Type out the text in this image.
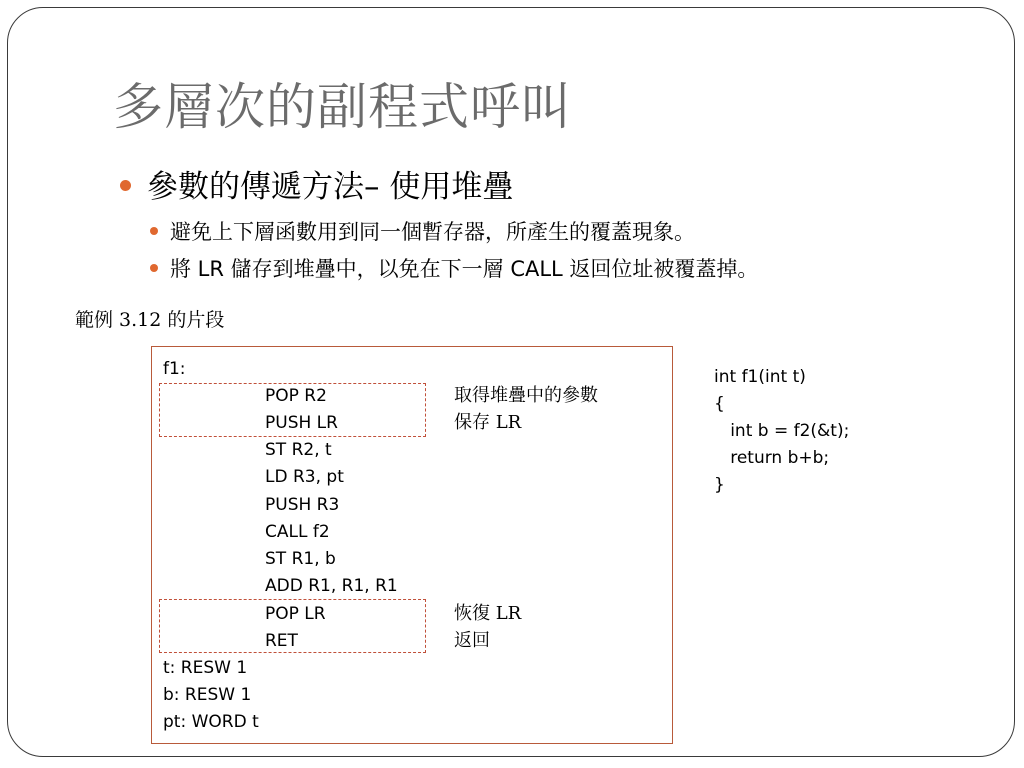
多層次的副程式呼叫
參數的傳遞方法– 使用堆疊
避免上下層函數用到同一個暫存器，所產生的覆蓋現象。
將 LR 儲存到堆疊中，以免在下一層 CALL 返回位址被覆蓋掉。
範例 3.12 的片段
f1:
POP R2
PUSH LR
ST R2, t
LD R3, pt
PUSH R3
CALL f2
ST R1, b
ADD R1, R1, R1
POP LR
RET
t: RESW 1
b: RESW 1
pt: WORD t
取得堆疊中的參數
保存 LR
恢復 LR
返回
int f1(int t)
{
int b = f2(&t);
return b+b;
}
